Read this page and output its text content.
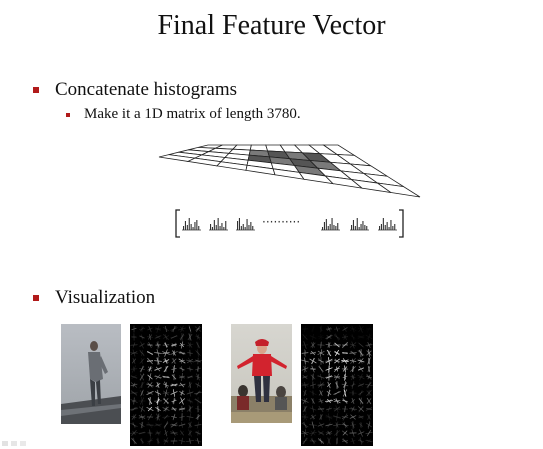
Final Feature Vector
Concatenate histograms
Make it a 1D matrix of length 3780.
··········
Visualization
